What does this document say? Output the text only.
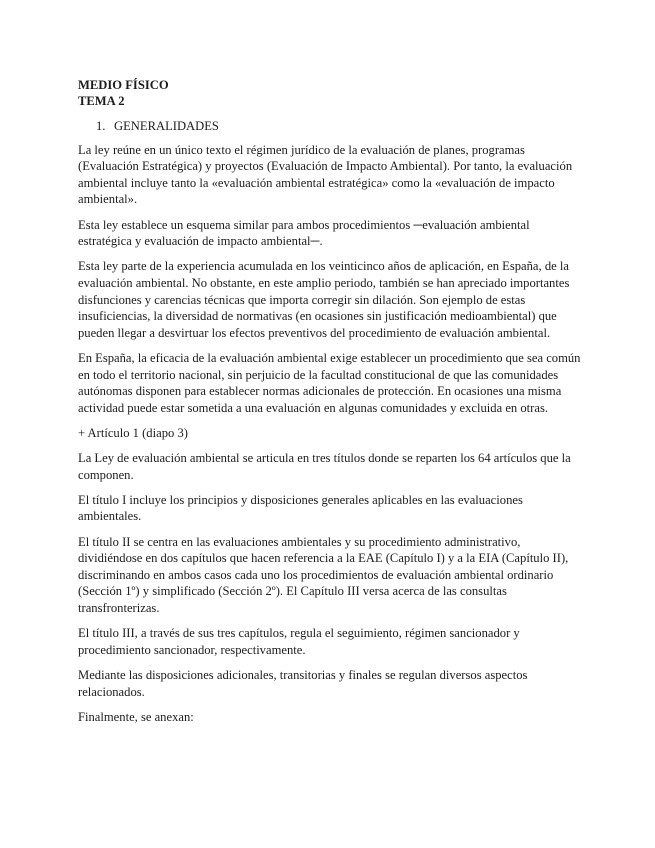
MEDIO FÍSICO

TEMA 2

1. GENERALIDADES

La ley reúne en un único texto el régimen jurídico de la evaluación de planes, programas (Evaluación Estratégica) y proyectos (Evaluación de Impacto Ambiental). Por tanto, la evaluación ambiental incluye tanto la «evaluación ambiental estratégica» como la «evaluación de impacto ambiental».

Esta ley establece un esquema similar para ambos procedimientos ─evaluación ambiental estratégica y evaluación de impacto ambiental─.

Esta ley parte de la experiencia acumulada en los veinticinco años de aplicación, en España, de la evaluación ambiental. No obstante, en este amplio periodo, también se han apreciado importantes disfunciones y carencias técnicas que importa corregir sin dilación. Son ejemplo de estas insuficiencias, la diversidad de normativas (en ocasiones sin justificación medioambiental) que pueden llegar a desvirtuar los efectos preventivos del procedimiento de evaluación ambiental.

En España, la eficacia de la evaluación ambiental exige establecer un procedimiento que sea común en todo el territorio nacional, sin perjuicio de la facultad constitucional de que las comunidades autónomas disponen para establecer normas adicionales de protección. En ocasiones una misma actividad puede estar sometida a una evaluación en algunas comunidades y excluida en otras.

+ Artículo 1 (diapo 3)

La Ley de evaluación ambiental se articula en tres títulos donde se reparten los 64 artículos que la componen.

El título I incluye los principios y disposiciones generales aplicables en las evaluaciones ambientales.

El título II se centra en las evaluaciones ambientales y su procedimiento administrativo, dividiéndose en dos capítulos que hacen referencia a la EAE (Capítulo I) y a la EIA (Capítulo II), discriminando en ambos casos cada uno los procedimientos de evaluación ambiental ordinario (Sección 1º) y simplificado (Sección 2º). El Capítulo III versa acerca de las consultas transfronterizas.

El título III, a través de sus tres capítulos, regula el seguimiento, régimen sancionador y procedimiento sancionador, respectivamente.

Mediante las disposiciones adicionales, transitorias y finales se regulan diversos aspectos relacionados.

Finalmente, se anexan:
